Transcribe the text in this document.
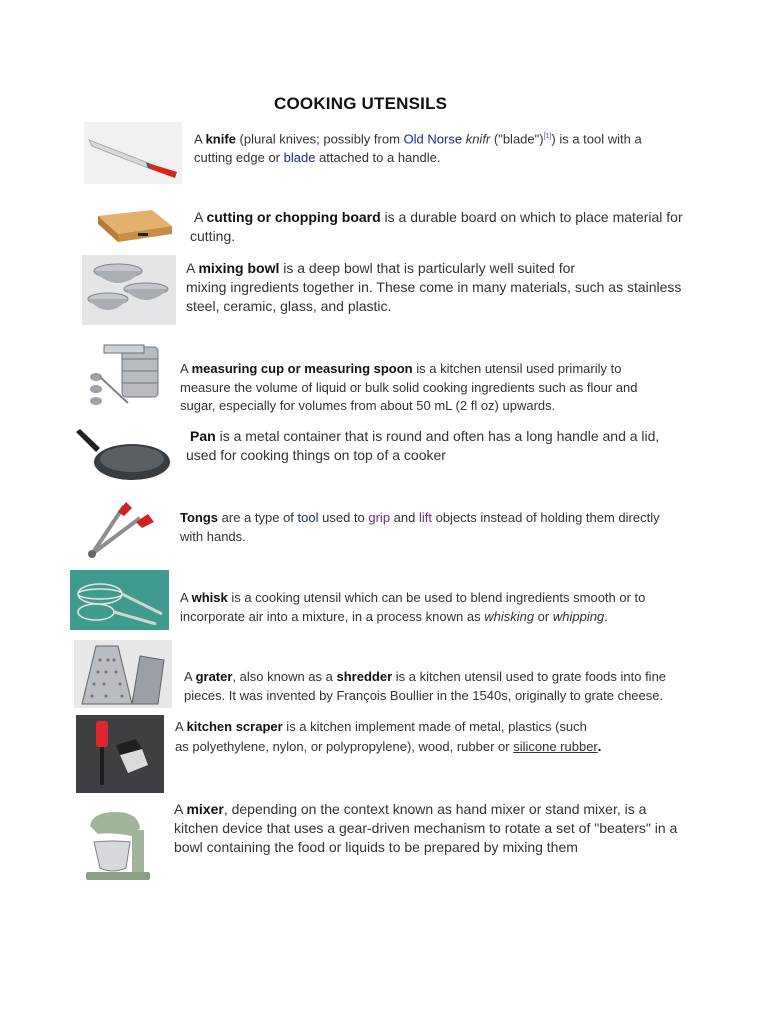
COOKING UTENSILS
A knife (plural knives; possibly from Old Norse knifr ("blade")[1]) is a tool with a cutting edge or blade attached to a handle.
A cutting or chopping board is a durable board on which to place material for cutting.
A mixing bowl is a deep bowl that is particularly well suited for
mixing ingredients together in. These come in many materials, such as stainless steel, ceramic, glass, and plastic.
A measuring cup or measuring spoon is a kitchen utensil used primarily to measure the volume of liquid or bulk solid cooking ingredients such as flour and sugar, especially for volumes from about 50 mL (2 fl oz) upwards.
Pan is a metal container that is round and often has a long handle and a lid,
used for cooking things on top of a cooker
Tongs are a type of tool used to grip and lift objects instead of holding them directly with hands.
A whisk is a cooking utensil which can be used to blend ingredients smooth or to incorporate air into a mixture, in a process known as whisking or whipping.
A grater, also known as a shredder is a kitchen utensil used to grate foods into fine pieces. It was invented by François Boullier in the 1540s, originally to grate cheese.
A kitchen scraper is a kitchen implement made of metal, plastics (such
as polyethylene, nylon, or polypropylene), wood, rubber or silicone rubber.
A mixer, depending on the context known as hand mixer or stand mixer, is a kitchen device that uses a gear-driven mechanism to rotate a set of "beaters" in a bowl containing the food or liquids to be prepared by mixing them
